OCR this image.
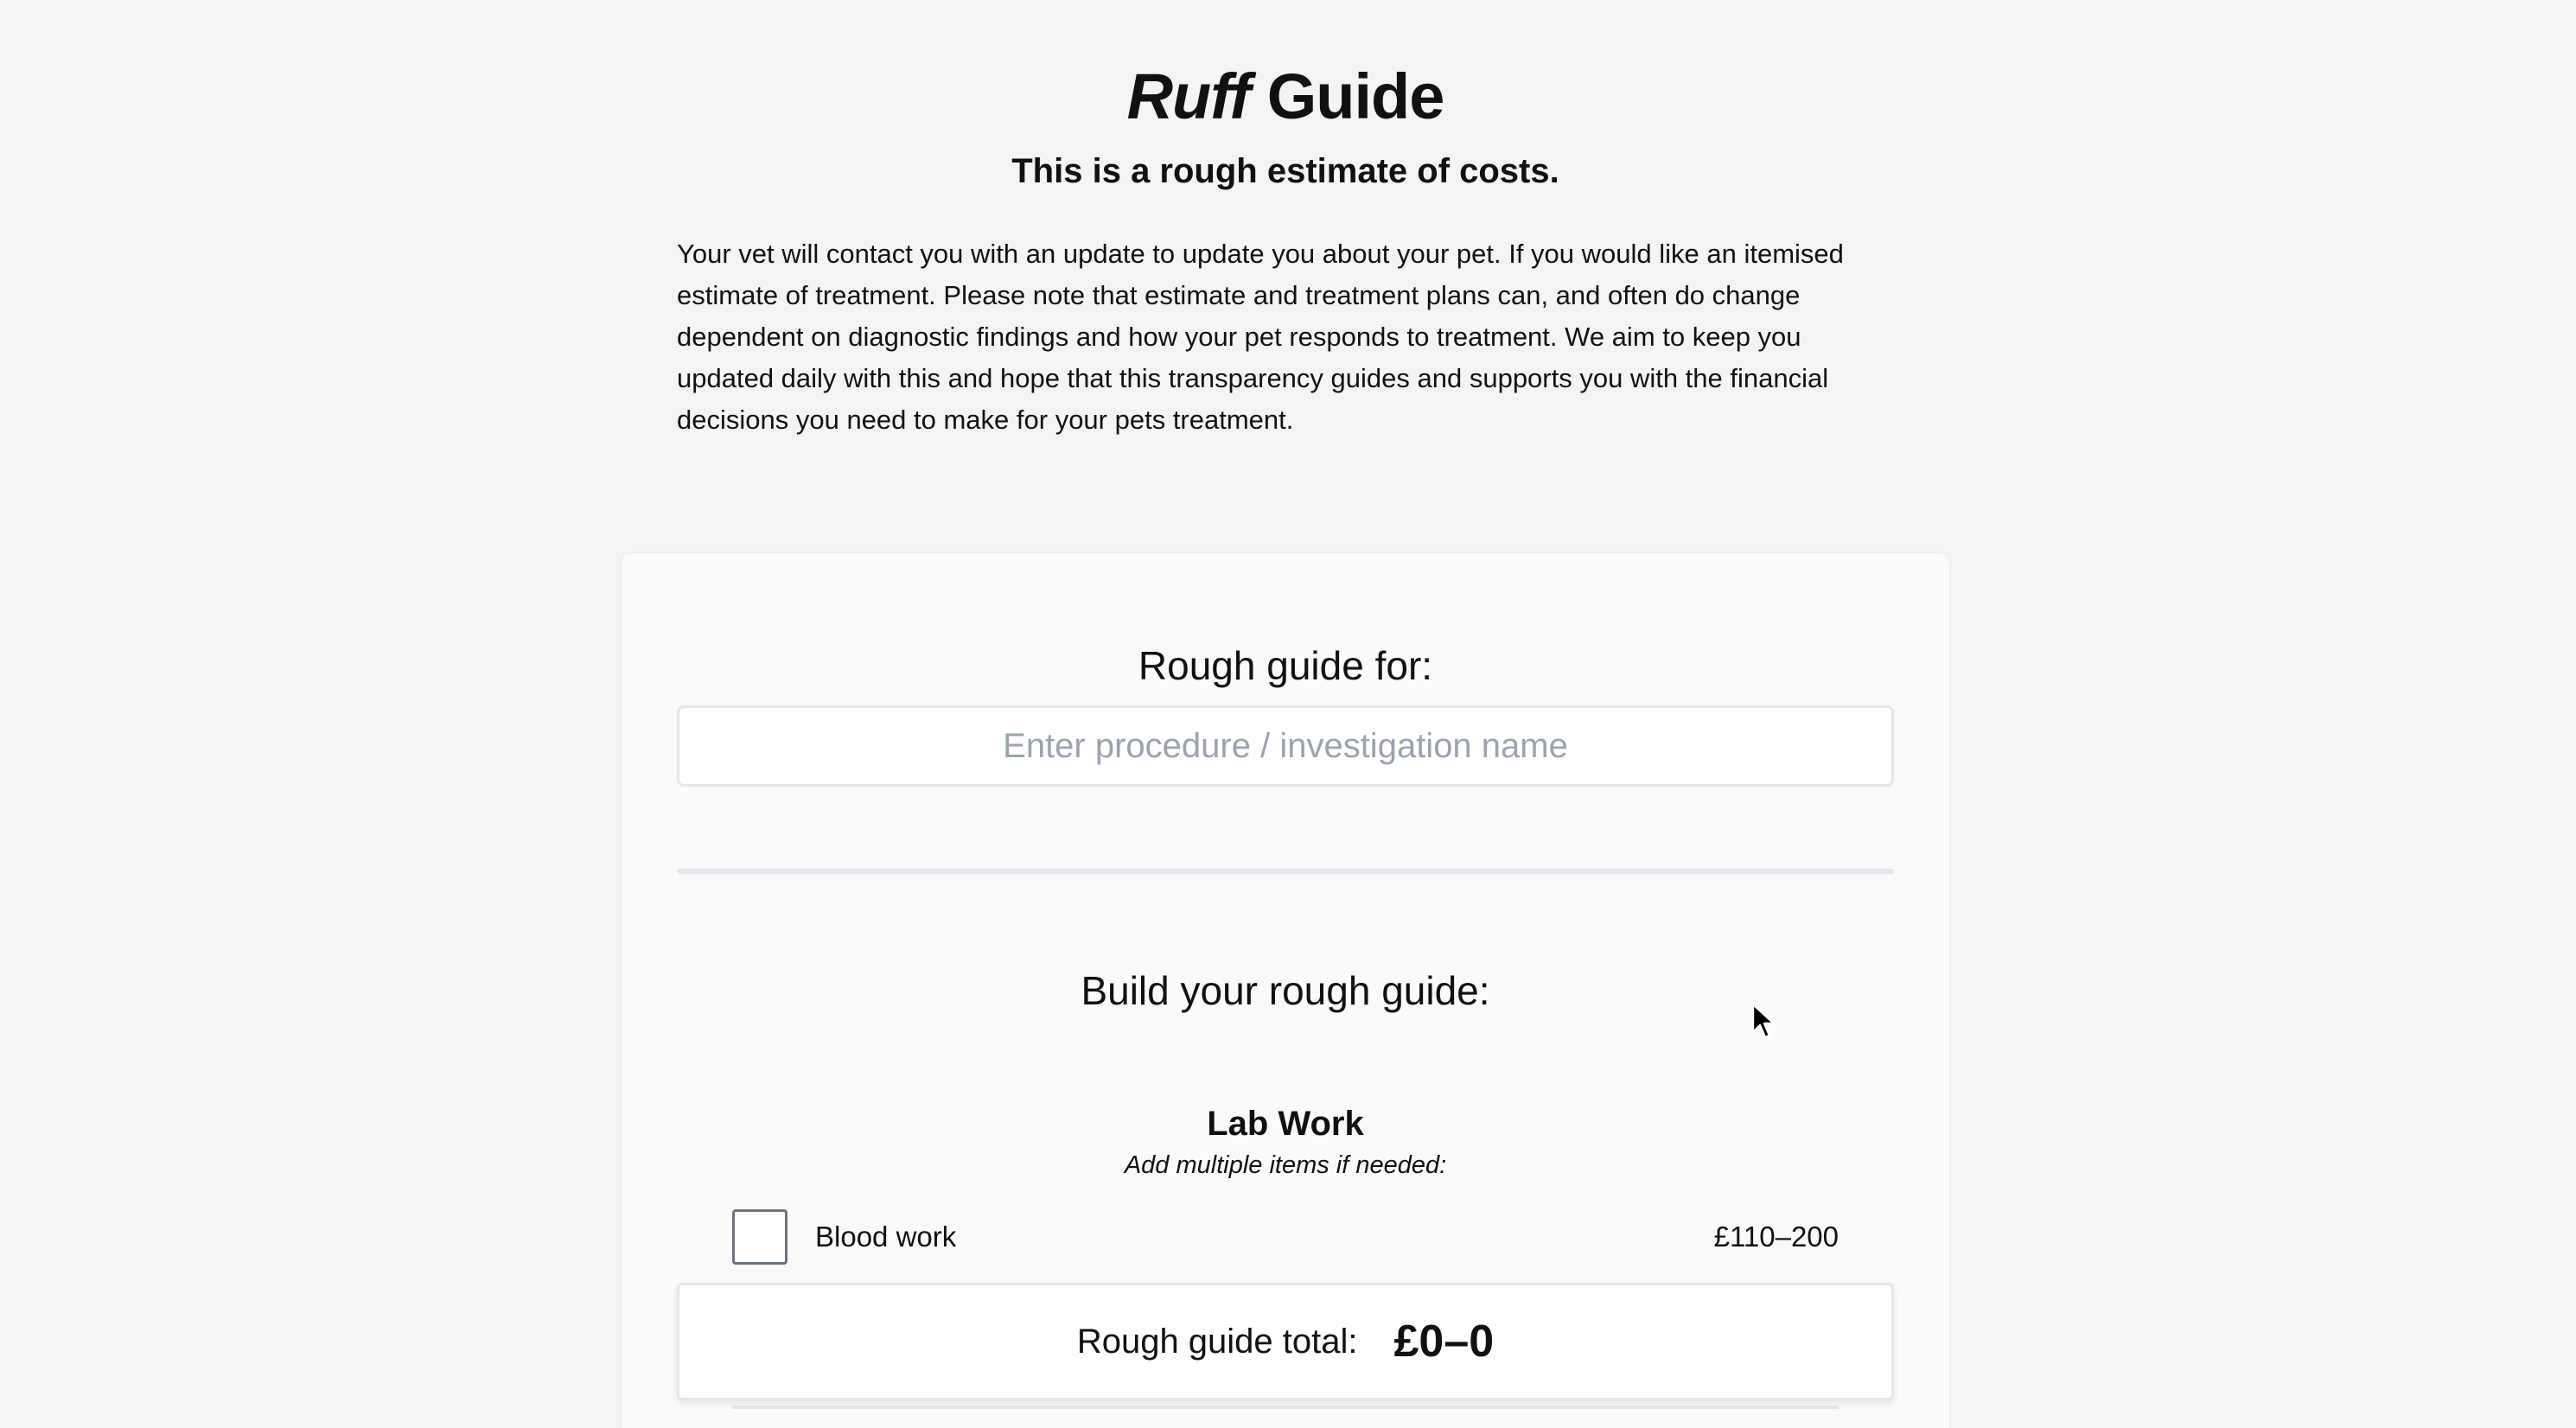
Ruff Guide
This is a rough estimate of costs.

Your vet will contact you with an update to update you about your pet. If you would like an itemised estimate of treatment. Please note that estimate and treatment plans can, and often do change dependent on diagnostic findings and how your pet responds to treatment. We aim to keep you updated daily with this and hope that this transparency guides and supports you with the financial decisions you need to make for your pets treatment.

Rough guide for:
Enter procedure / investigation name
Build your rough guide:
Lab Work
Add multiple items if needed:
Blood work	£110–200
Rough guide total: £0–0
